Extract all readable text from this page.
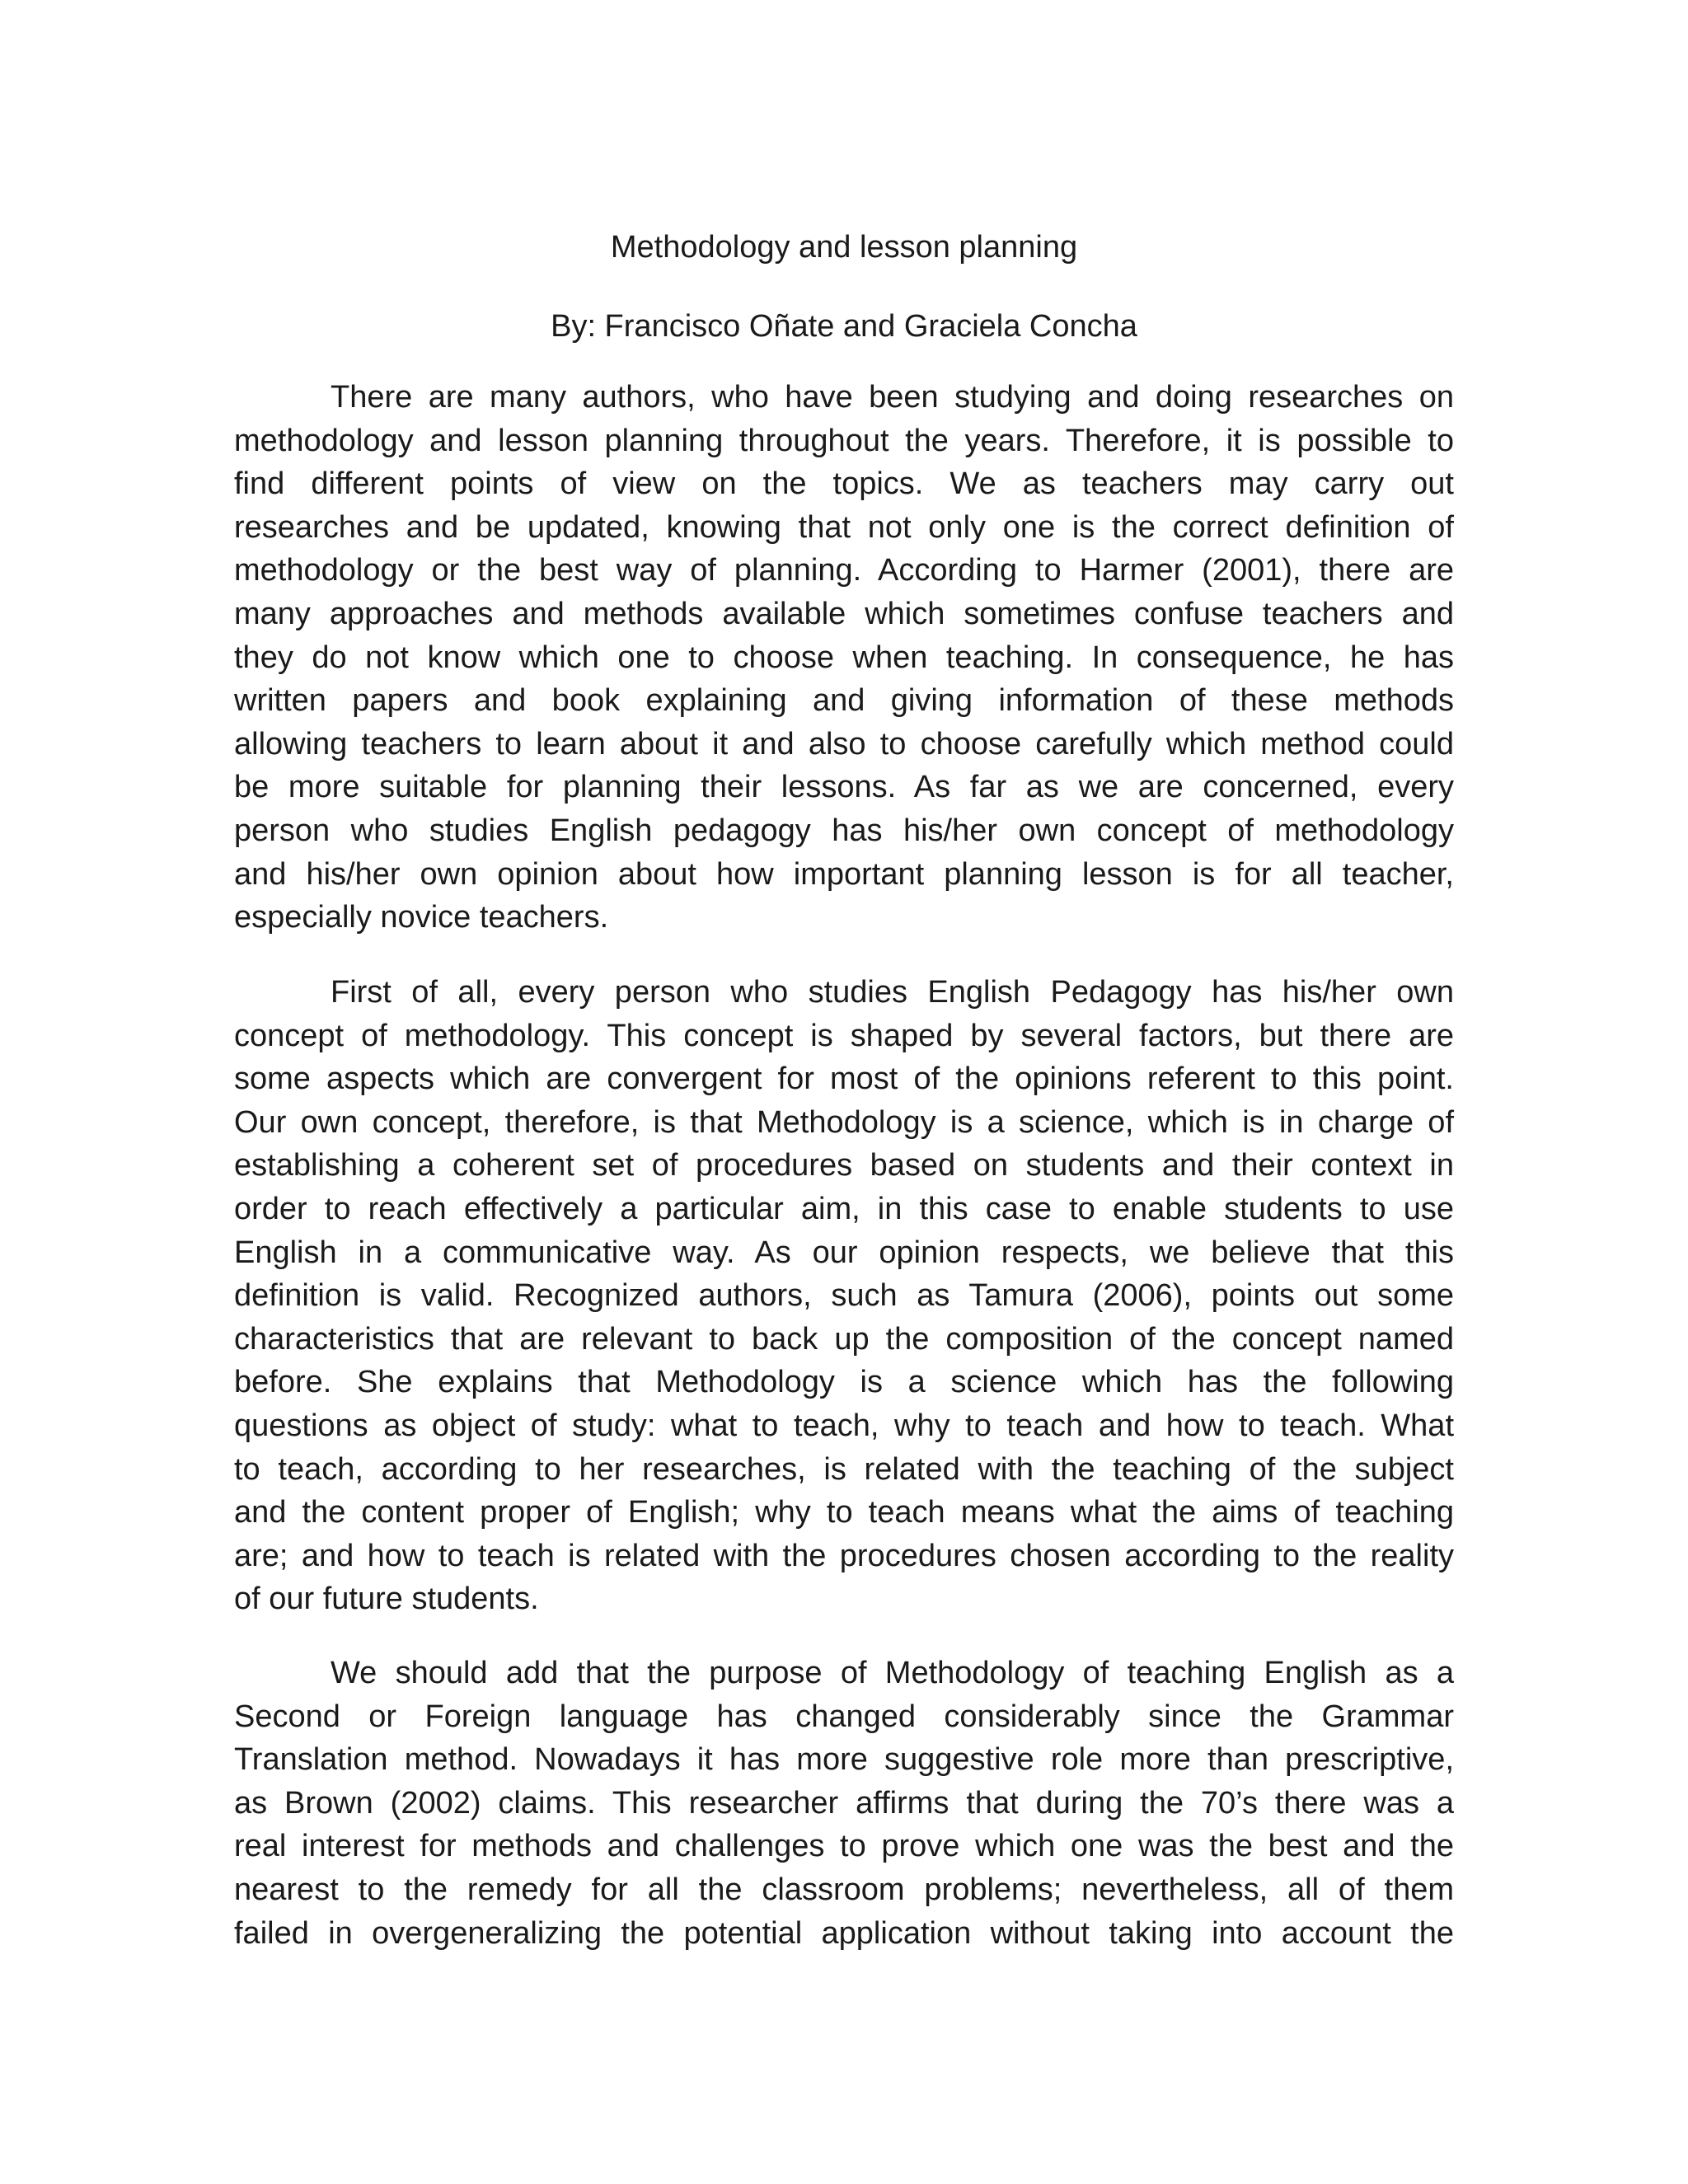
Methodology and lesson planning

By: Francisco Oñate and Graciela Concha

There are many authors, who have been studying and doing researches on
methodology and lesson planning throughout the years. Therefore, it is possible to
find different points of view on the topics. We as teachers may carry out
researches and be updated, knowing that not only one is the correct definition of
methodology or the best way of planning. According to Harmer (2001), there are
many approaches and methods available which sometimes confuse teachers and
they do not know which one to choose when teaching. In consequence, he has
written papers and book explaining and giving information of these methods
allowing teachers to learn about it and also to choose carefully which method could
be more suitable for planning their lessons. As far as we are concerned, every
person who studies English pedagogy has his/her own concept of methodology
and his/her own opinion about how important planning lesson is for all teacher,
especially novice teachers.
First of all, every person who studies English Pedagogy has his/her own
concept of methodology. This concept is shaped by several factors, but there are
some aspects which are convergent for most of the opinions referent to this point.
Our own concept, therefore, is that Methodology is a science, which is in charge of
establishing a coherent set of procedures based on students and their context in
order to reach effectively a particular aim, in this case to enable students to use
English in a communicative way. As our opinion respects, we believe that this
definition is valid. Recognized authors, such as Tamura (2006), points out some
characteristics that are relevant to back up the composition of the concept named
before. She explains that Methodology is a science which has the following
questions as object of study: what to teach, why to teach and how to teach. What
to teach, according to her researches, is related with the teaching of the subject
and the content proper of English; why to teach means what the aims of teaching
are; and how to teach is related with the procedures chosen according to the reality
of our future students.
We should add that the purpose of Methodology of teaching English as a
Second or Foreign language has changed considerably since the Grammar
Translation method. Nowadays it has more suggestive role more than prescriptive,
as Brown (2002) claims. This researcher affirms that during the 70’s there was a
real interest for methods and challenges to prove which one was the best and the
nearest to the remedy for all the classroom problems; nevertheless, all of them
failed in overgeneralizing the potential application without taking into account the
